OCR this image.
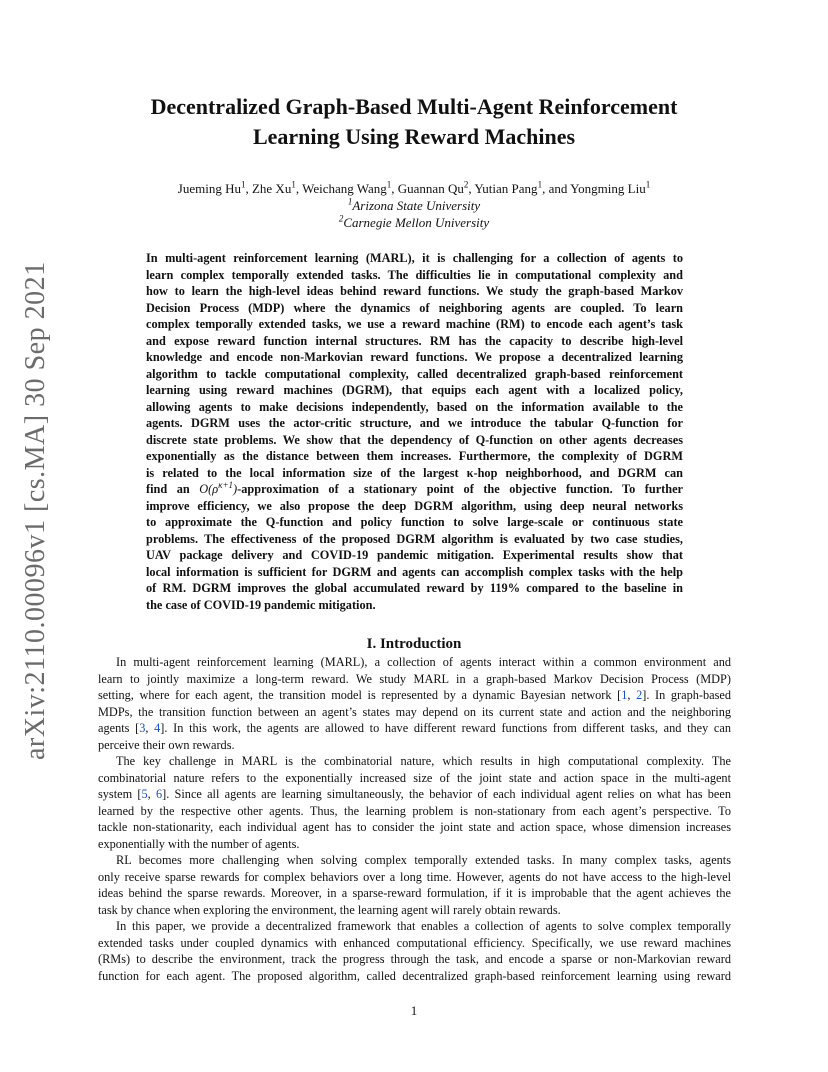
arXiv:2110.00096v1 [cs.MA] 30 Sep 2021
Decentralized Graph-Based Multi-Agent Reinforcement
Learning Using Reward Machines
Jueming Hu$^1$, Zhe Xu$^1$, Weichang Wang$^1$, Guannan Qu$^2$, Yutian Pang$^1$, and Yongming Liu$^1$
$^1$Arizona State University
$^2$Carnegie Mellon University
In multi-agent reinforcement learning (MARL), it is challenging for a collection of agents to
learn complex temporally extended tasks. The difficulties lie in computational complexity and
how to learn the high-level ideas behind reward functions. We study the graph-based Markov
Decision Process (MDP) where the dynamics of neighboring agents are coupled. To learn
complex temporally extended tasks, we use a reward machine (RM) to encode each agent’s task
and expose reward function internal structures. RM has the capacity to describe high-level
knowledge and encode non-Markovian reward functions. We propose a decentralized learning
algorithm to tackle computational complexity, called decentralized graph-based reinforcement
learning using reward machines (DGRM), that equips each agent with a localized policy,
allowing agents to make decisions independently, based on the information available to the
agents. DGRM uses the actor-critic structure, and we introduce the tabular Q-function for
discrete state problems. We show that the dependency of Q-function on other agents decreases
exponentially as the distance between them increases. Furthermore, the complexity of DGRM
is related to the local information size of the largest κ-hop neighborhood, and DGRM can
find an $O(\rho^{\kappa+1})$-approximation of a stationary point of the objective function. To further
improve efficiency, we also propose the deep DGRM algorithm, using deep neural networks
to approximate the Q-function and policy function to solve large-scale or continuous state
problems. The effectiveness of the proposed DGRM algorithm is evaluated by two case studies,
UAV package delivery and COVID-19 pandemic mitigation. Experimental results show that
local information is sufficient for DGRM and agents can accomplish complex tasks with the help
of RM. DGRM improves the global accumulated reward by 119% compared to the baseline in
the case of COVID-19 pandemic mitigation.
I. Introduction
In multi-agent reinforcement learning (MARL), a collection of agents interact within a common environment and
learn to jointly maximize a long-term reward. We study MARL in a graph-based Markov Decision Process (MDP)
setting, where for each agent, the transition model is represented by a dynamic Bayesian network [1, 2]. In graph-based
MDPs, the transition function between an agent’s states may depend on its current state and action and the neighboring
agents [3, 4]. In this work, the agents are allowed to have different reward functions from different tasks, and they can
perceive their own rewards.
The key challenge in MARL is the combinatorial nature, which results in high computational complexity. The
combinatorial nature refers to the exponentially increased size of the joint state and action space in the multi-agent
system [5, 6]. Since all agents are learning simultaneously, the behavior of each individual agent relies on what has been
learned by the respective other agents. Thus, the learning problem is non-stationary from each agent’s perspective. To
tackle non-stationarity, each individual agent has to consider the joint state and action space, whose dimension increases
exponentially with the number of agents.
RL becomes more challenging when solving complex temporally extended tasks. In many complex tasks, agents
only receive sparse rewards for complex behaviors over a long time. However, agents do not have access to the high-level
ideas behind the sparse rewards. Moreover, in a sparse-reward formulation, if it is improbable that the agent achieves the
task by chance when exploring the environment, the learning agent will rarely obtain rewards.
In this paper, we provide a decentralized framework that enables a collection of agents to solve complex temporally
extended tasks under coupled dynamics with enhanced computational efficiency. Specifically, we use reward machines
(RMs) to describe the environment, track the progress through the task, and encode a sparse or non-Markovian reward
function for each agent. The proposed algorithm, called decentralized graph-based reinforcement learning using reward
1
